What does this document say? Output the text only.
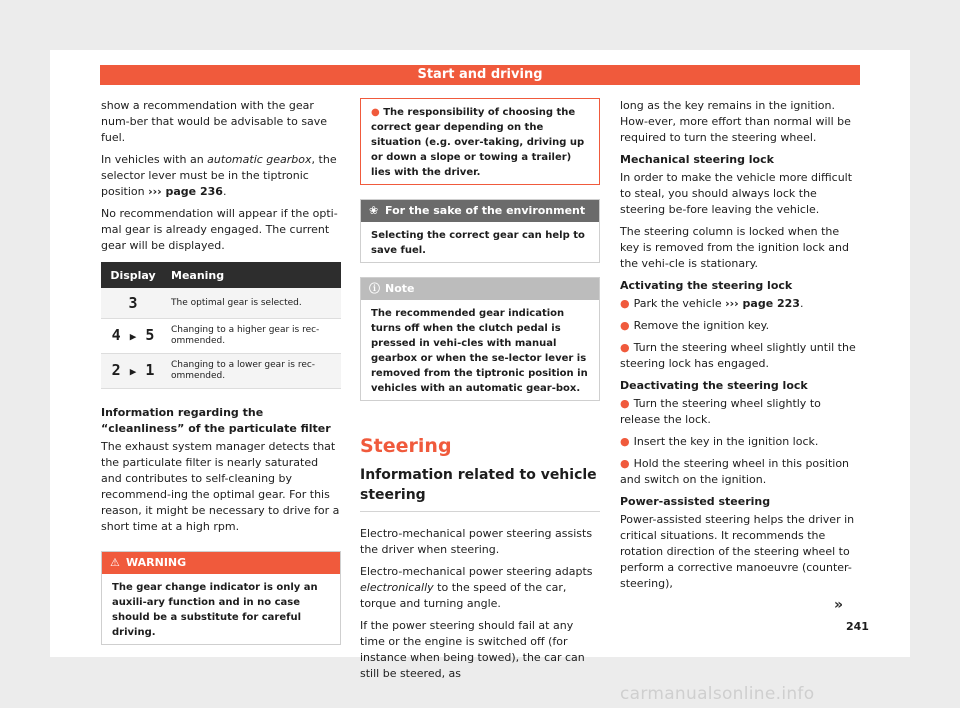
Start and driving

show a recommendation with the gear num-ber that would be advisable to save fuel.

In vehicles with an automatic gearbox, the selector lever must be in the tiptronic position ››› page 236.

No recommendation will appear if the opti-mal gear is already engaged. The current gear will be displayed.

Display	Meaning
3	The optimal gear is selected.
4 ▶ 5	Changing to a higher gear is rec-ommended.
2 ▶ 1	Changing to a lower gear is rec-ommended.

Information regarding the “cleanliness” of the particulate filter

The exhaust system manager detects that the particulate filter is nearly saturated and contributes to self-cleaning by recommend-ing the optimal gear. For this reason, it might be necessary to drive for a short time at a high rpm.

⚠ WARNING
The gear change indicator is only an auxili-ary function and in no case should be a substitute for careful driving.
● The responsibility of choosing the correct gear depending on the situation (e.g. over-taking, driving up or down a slope or towing a trailer) lies with the driver.
❀ For the sake of the environment
Selecting the correct gear can help to save fuel.
ⓘ Note
The recommended gear indication turns off when the clutch pedal is pressed in vehi-cles with manual gearbox or when the se-lector lever is removed from the tiptronic position in vehicles with an automatic gear-box.
Steering
Information related to vehicle steering

Electro-mechanical power steering assists the driver when steering.

Electro-mechanical power steering adapts electronically to the speed of the car, torque and turning angle.

If the power steering should fail at any time or the engine is switched off (for instance when being towed), the car can still be steered, as

long as the key remains in the ignition. How-ever, more effort than normal will be required to turn the steering wheel.

Mechanical steering lock

In order to make the vehicle more difficult to steal, you should always lock the steering be-fore leaving the vehicle.

The steering column is locked when the key is removed from the ignition lock and the vehi-cle is stationary.

Activating the steering lock

● Park the vehicle ››› page 223.
● Remove the ignition key.
● Turn the steering wheel slightly until the steering lock has engaged.

Deactivating the steering lock

● Turn the steering wheel slightly to release the lock.
● Insert the key in the ignition lock.
● Hold the steering wheel in this position and switch on the ignition.

Power-assisted steering

Power-assisted steering helps the driver in critical situations. It recommends the rotation direction of the steering wheel to perform a corrective manoeuvre (counter-steering),

»
241
carmanualsonline.info
